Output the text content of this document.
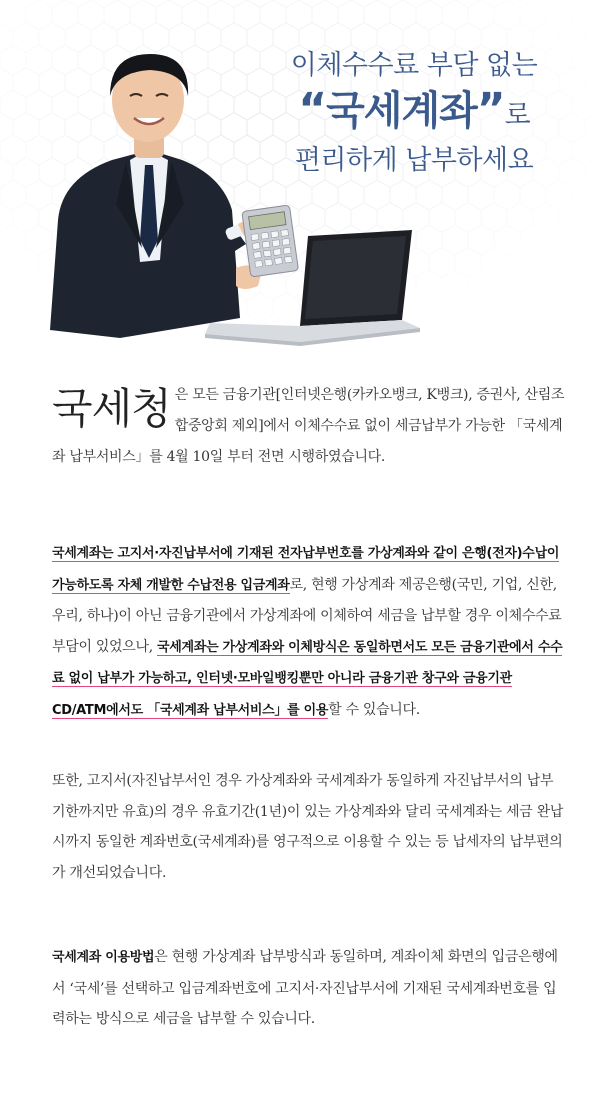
이체수수료 부담 없는
“국세계좌”로
편리하게 납부하세요
국세청 은 모든 금융기관[인터넷은행(카카오뱅크, K뱅크), 증권사, 산림조합중앙회 제외]에서 이체수수료 없이 세금납부가 가능한 「국세계좌 납부서비스」를 4월 10일 부터 전면 시행하였습니다.

국세계좌는 고지서·자진납부서에 기재된 전자납부번호를 가상계좌와 같이 은행(전자)수납이 가능하도록 자체 개발한 수납전용 입금계좌로, 현행 가상계좌 제공은행(국민, 기업, 신한, 우리, 하나)이 아닌 금융기관에서 가상계좌에 이체하여 세금을 납부할 경우 이체수수료 부담이 있었으나, 국세계좌는 가상계좌와 이체방식은 동일하면서도 모든 금융기관에서 수수료 없이 납부가 가능하고, 인터넷·모바일뱅킹뿐만 아니라 금융기관 창구와 금융기관CD/ATM에서도 「국세계좌 납부서비스」를 이용할 수 있습니다.

또한, 고지서(자진납부서인 경우 가상계좌와 국세계좌가 동일하게 자진납부서의 납부기한까지만 유효)의 경우 유효기간(1년)이 있는 가상계좌와 달리 국세계좌는 세금 완납 시까지 동일한 계좌번호(국세계좌)를 영구적으로 이용할 수 있는 등 납세자의 납부편의가 개선되었습니다.

국세계좌 이용방법은 현행 가상계좌 납부방식과 동일하며, 계좌이체 화면의 입금은행에서 ‘국세’를 선택하고 입금계좌번호에 고지서·자진납부서에 기재된 국세계좌번호를 입력하는 방식으로 세금을 납부할 수 있습니다.
